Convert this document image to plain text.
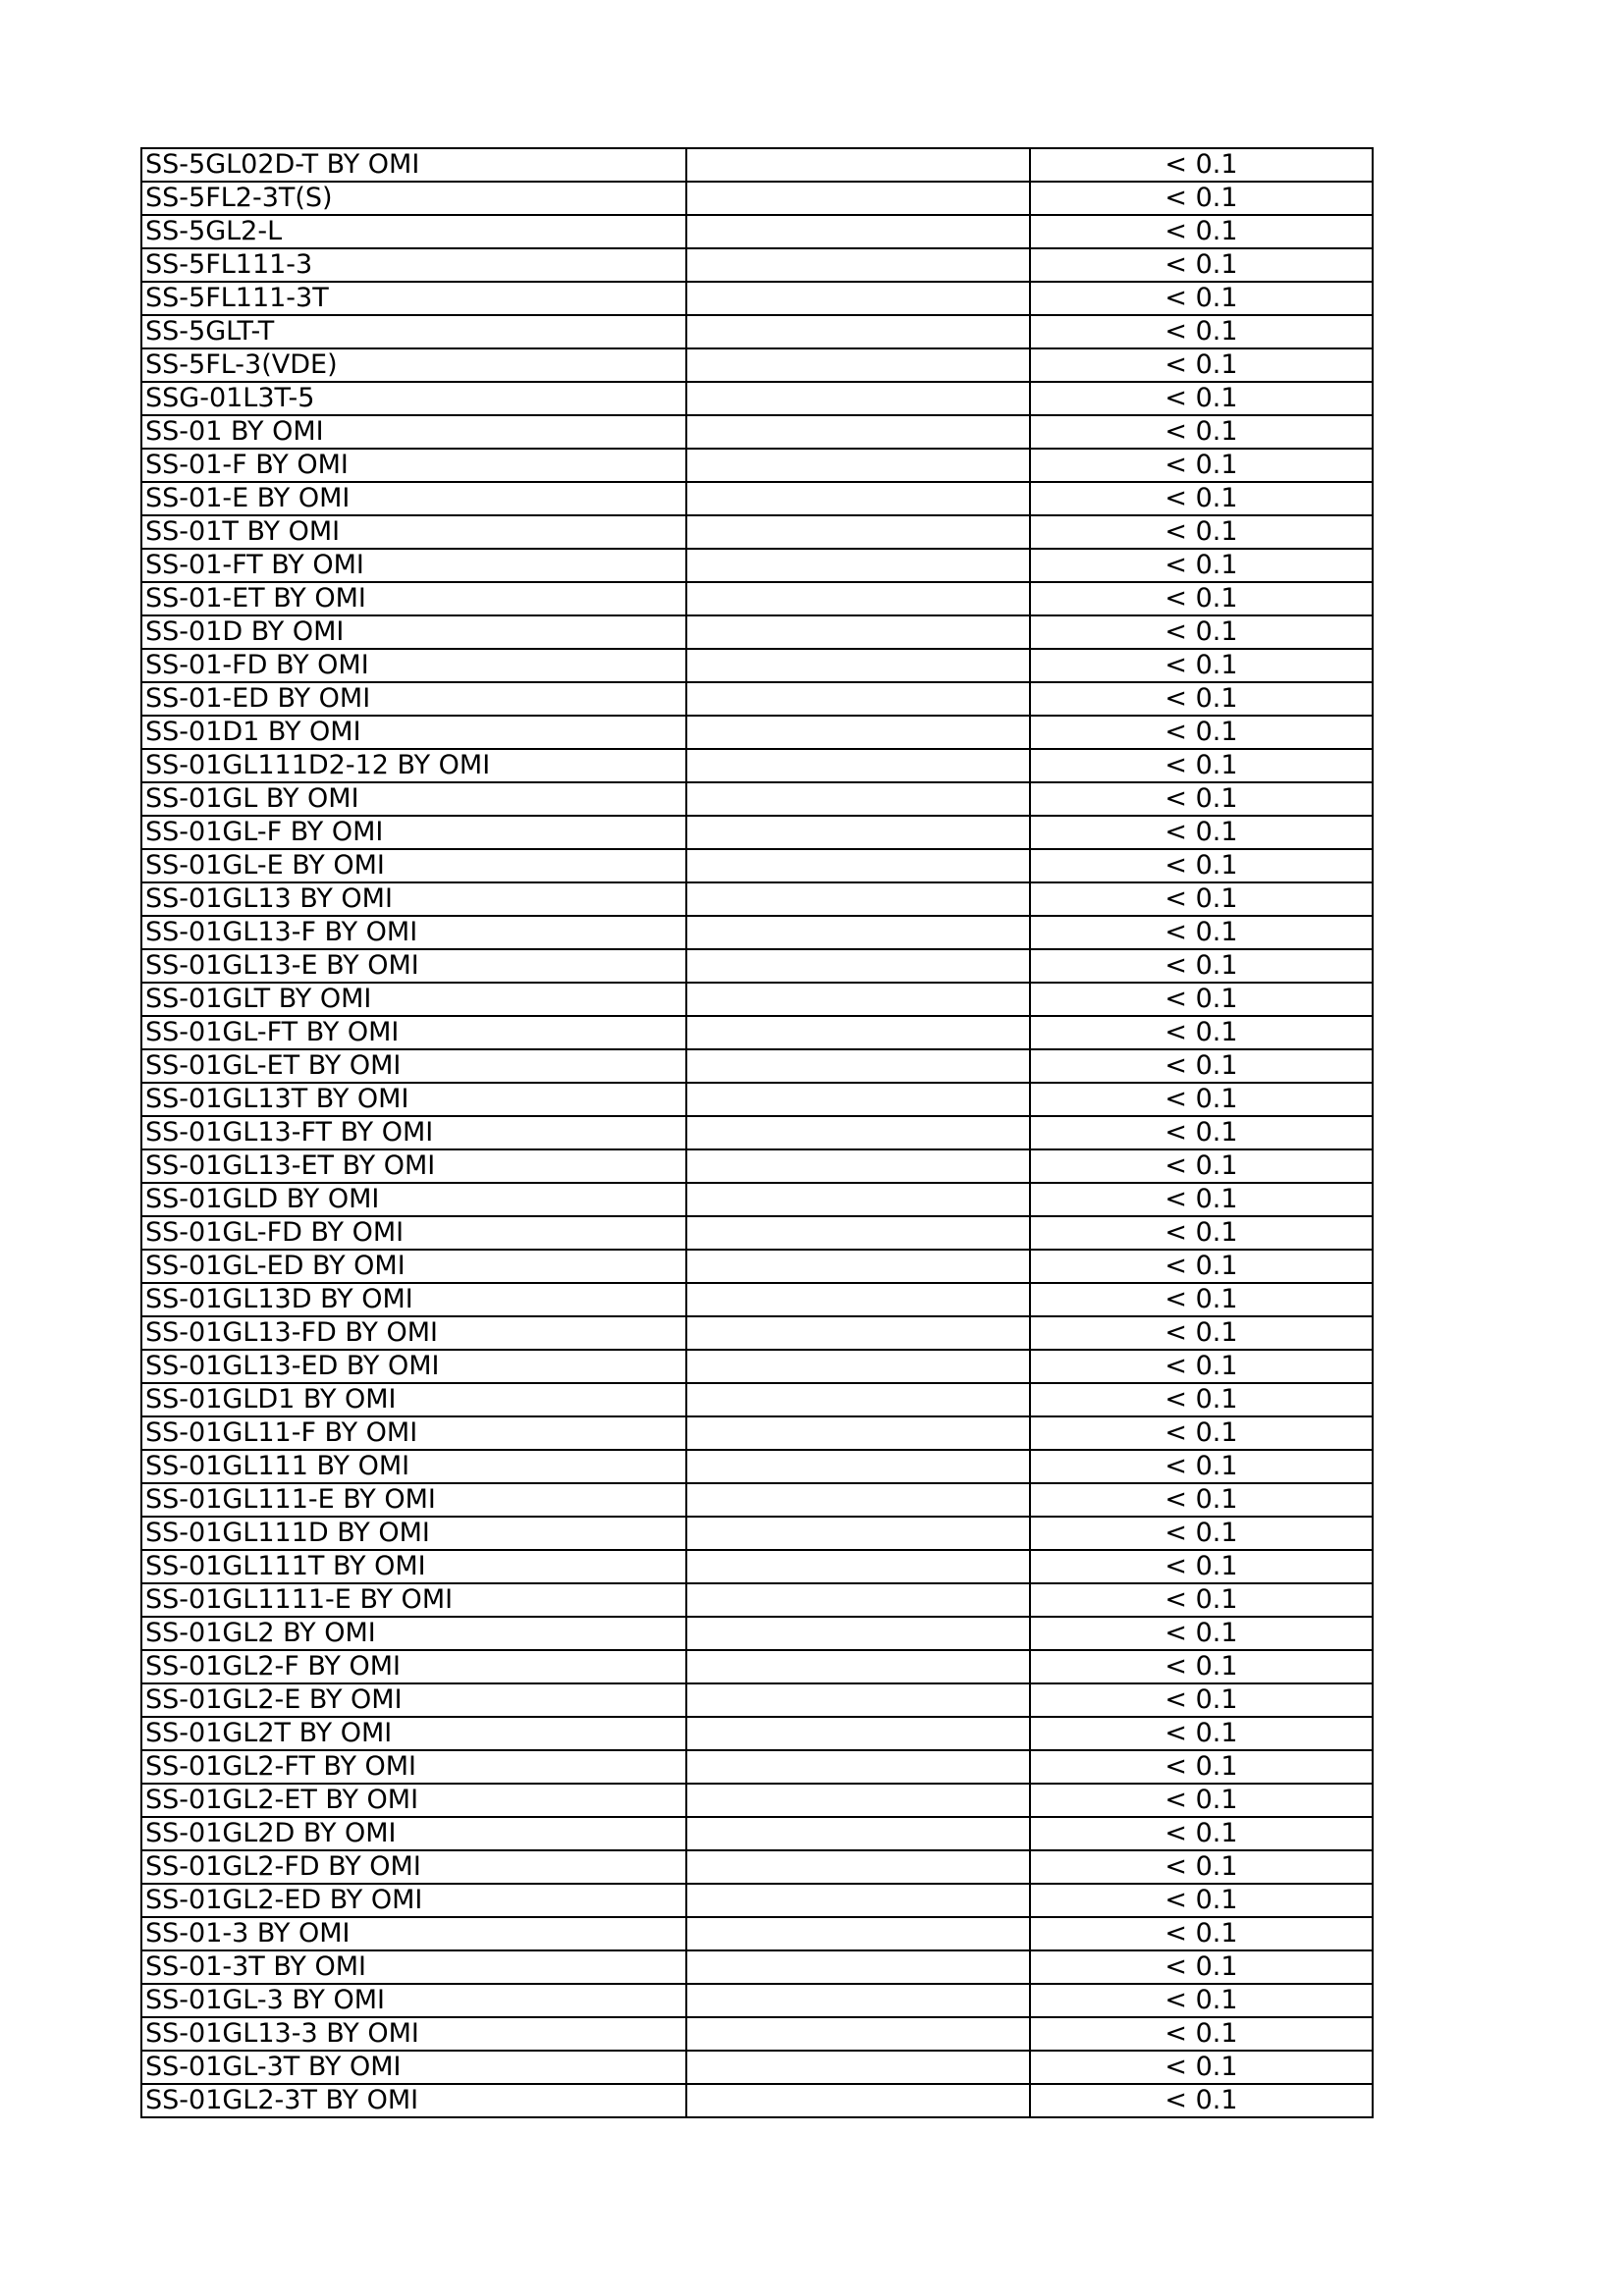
SS-5GL02D-T BY OMI		< 0.1
SS-5FL2-3T(S)		< 0.1
SS-5GL2-L		< 0.1
SS-5FL111-3		< 0.1
SS-5FL111-3T		< 0.1
SS-5GLT-T		< 0.1
SS-5FL-3(VDE)		< 0.1
SSG-01L3T-5		< 0.1
SS-01 BY OMI		< 0.1
SS-01-F BY OMI		< 0.1
SS-01-E BY OMI		< 0.1
SS-01T BY OMI		< 0.1
SS-01-FT BY OMI		< 0.1
SS-01-ET BY OMI		< 0.1
SS-01D BY OMI		< 0.1
SS-01-FD BY OMI		< 0.1
SS-01-ED BY OMI		< 0.1
SS-01D1 BY OMI		< 0.1
SS-01GL111D2-12 BY OMI		< 0.1
SS-01GL BY OMI		< 0.1
SS-01GL-F BY OMI		< 0.1
SS-01GL-E BY OMI		< 0.1
SS-01GL13 BY OMI		< 0.1
SS-01GL13-F BY OMI		< 0.1
SS-01GL13-E BY OMI		< 0.1
SS-01GLT BY OMI		< 0.1
SS-01GL-FT BY OMI		< 0.1
SS-01GL-ET BY OMI		< 0.1
SS-01GL13T BY OMI		< 0.1
SS-01GL13-FT BY OMI		< 0.1
SS-01GL13-ET BY OMI		< 0.1
SS-01GLD BY OMI		< 0.1
SS-01GL-FD BY OMI		< 0.1
SS-01GL-ED BY OMI		< 0.1
SS-01GL13D BY OMI		< 0.1
SS-01GL13-FD BY OMI		< 0.1
SS-01GL13-ED BY OMI		< 0.1
SS-01GLD1 BY OMI		< 0.1
SS-01GL11-F BY OMI		< 0.1
SS-01GL111 BY OMI		< 0.1
SS-01GL111-E BY OMI		< 0.1
SS-01GL111D BY OMI		< 0.1
SS-01GL111T BY OMI		< 0.1
SS-01GL1111-E BY OMI		< 0.1
SS-01GL2 BY OMI		< 0.1
SS-01GL2-F BY OMI		< 0.1
SS-01GL2-E BY OMI		< 0.1
SS-01GL2T BY OMI		< 0.1
SS-01GL2-FT BY OMI		< 0.1
SS-01GL2-ET BY OMI		< 0.1
SS-01GL2D BY OMI		< 0.1
SS-01GL2-FD BY OMI		< 0.1
SS-01GL2-ED BY OMI		< 0.1
SS-01-3 BY OMI		< 0.1
SS-01-3T BY OMI		< 0.1
SS-01GL-3 BY OMI		< 0.1
SS-01GL13-3 BY OMI		< 0.1
SS-01GL-3T BY OMI		< 0.1
SS-01GL2-3T BY OMI		< 0.1
